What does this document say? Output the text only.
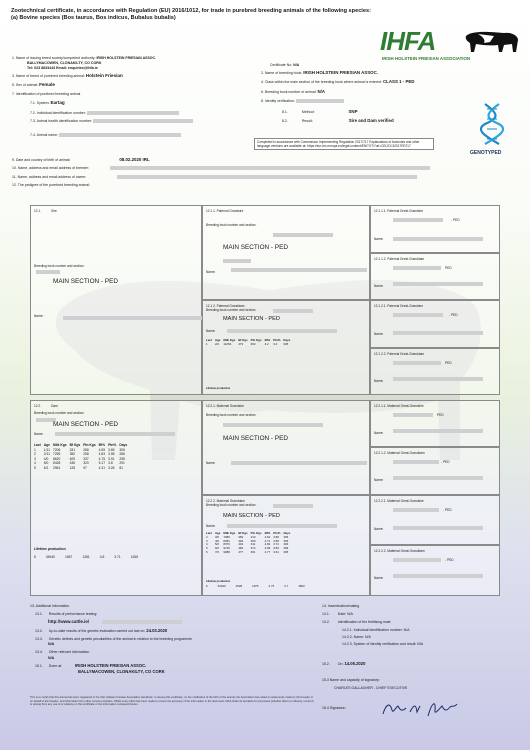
Zootechnical certificate, in accordance with Regulation (EU) 2016/1012, for trade in purebred breeding animals of the following species: (a) Bovine species (Bos taurus, Bos indicus, Bubalus bubalis)
IHFA
IRISH HOLSTEIN FRIESIAN ASSOCIATION
1. Name of issuing breed society/competent authority: IRISH HOLSTEIN FRIESIAN ASSOC.
BALLYMACOWEN, CLONAKILTY, CO CORK
Tel: 023 8833443 Email: enquiries@ihfa.ie
3. Name of breed of purebred breeding animal: Holstein Friesian
5. Sex of animal: Female
7. Identification of purebred breeding animal
7.1. System: Eartag
7.2. Individual identification number:
7.3. Animal health identification number:
7.4. Animal name:
9. Date and country of birth of animal:	08.02.2020 IRL
10. Name, address and email address of breeder:
11. Name, address and email address of owner:
12. The pedigree of the purebred breeding animal:
Certificate No: N/A
2. Name of breeding book: IRISH HOLSTEIN FRIESIAN ASSOC.
4. Class within the main section of the breeding book where animal is entered: CLASS 1 - PED
6. Breeding book number of animal: N/A
8. Identity verification:
8.1.	Method:	SNP
8.2.	Result:	Sire and Dam verified
Completed in accordance with Commission Implementing Regulation 2017/717 Explanations of footnotes and other language versions are available at: https://eur-lex.europa.eu/legal-content/EN/TXT/?uri=CELEX:32017R0717
GENOTYPED
12.1.	Sire
Breeding book number and section:
MAIN SECTION - PED
Name:
12.1.1. Paternal Grandsire
Breeding book number and section:
MAIN SECTION - PED
Name:
12.1.1.1. Paternal Great-Grandsire
- PED
Name:
12.1.1.2. Paternal Great-Granddam
PED
Name:
12.1.2. Paternal Granddam
Breeding book number and section:
MAIN SECTION - PED
Name:
Lact	Age	Milk Kgs	Bf Kgs	Ptn Kgs	Bf%	Ptn%	Days
1	2/2	11252	473	363	4.2	3.4	305
Lifetime production
12.1.2.1. Paternal Great-Grandsire
- PED
Name:
12.1.2.2. Paternal Great-Granddam
PED
Name:
12.2.	Dam
Breeding book number and section:
MAIN SECTION - PED
Name:
Lact	Age	Milk Kgs	Bf Kgs	Ptn Kgs	Bf%	Ptn%	Days
1	1/11	7206	331	268	4.59	3.69	305
2	2/11	7255	350	258	4.83	3.55	286
3	4/0	8620	409	337	4.75	3.91	298
4	5/0	8428	436	320	5.17	3.8	291
5	6/1	2961	128	97	4.31	3.26	81
Lifetime production
5	34540	1657	1281	4.8	3.71	1265
12.2.1. Maternal Grandsire
Breeding book number and section:
MAIN SECTION - PED
Name:
12.2.1.1. Maternal Great-Grandsire
PED
Name:
12.2.1.2. Maternal Great-Granddam
- PED
Name:
12.2.2. Maternal Granddam
Breeding book number and section:
MAIN SECTION - PED
Name:
Lact	Age	Milk Kgs	Bf Kgs	Ptn Kgs	Bf%	Ptn%	Days
2	3/0	7986	369	310	4.62	3.89	305
3	4/0	8381	394	300	4.71	3.58	305
4	5/0	8370	404	311	4.82	3.72	303
5	6/0	9740	482	374	4.95	3.84	299
6	7/0	9988	477	361	4.77	3.61	305
Lifetime production
6	53440	2528	1975	4.73	3.7	1893
12.2.2.1. Maternal Great-Grandsire
- PED
Name:
12.2.2.2. Maternal Great-Granddam
- PED
Name:
13. Additional information
13.1. Results of performance testing:
http://www.cattle.ie/
13.2. Up-to-date results of the genetic evaluation carried out last on: 24.03.2020
13.3. Genetic defects and genetic peculiarities of the animal in relation to the breeding programme
N/A
13.4. Other relevant information
N/A
15.1. Done at:	IRISH HOLSTEIN FRIESIAN ASSOC.
BALLYMACOWEN, CLONAKILTY, CO CORK
14. Insemination/mating
14.1. Date: N/A
14.2. Identification of the fertilising male
14.2.1. Individual identification number: N/A
14.2.2. Name: N/A
14.2.3. System of identity verification and result: N/A
15.2. On: 14.05.2020
15.3 Name and capacity of signatory:
CHARLES GALLAGHER - CHIEF EXECUTIVE
This is to certify that this animal has been registered in the Irish Holstein Friesian Association Herdbook. In issuing this certificate, on the notification of the birth of the animal, the Association has relied on statements made by the breeder or on behalf of the breeder, and information from other service providers. Whilst every effort has been made to ensure the accuracy of the information in the document, IHFA shall not be liable for any losses (whether direct or indirect), incurred or arising from any use of or reliance on this certificate or the information contained therein.
15.4 Signature:
